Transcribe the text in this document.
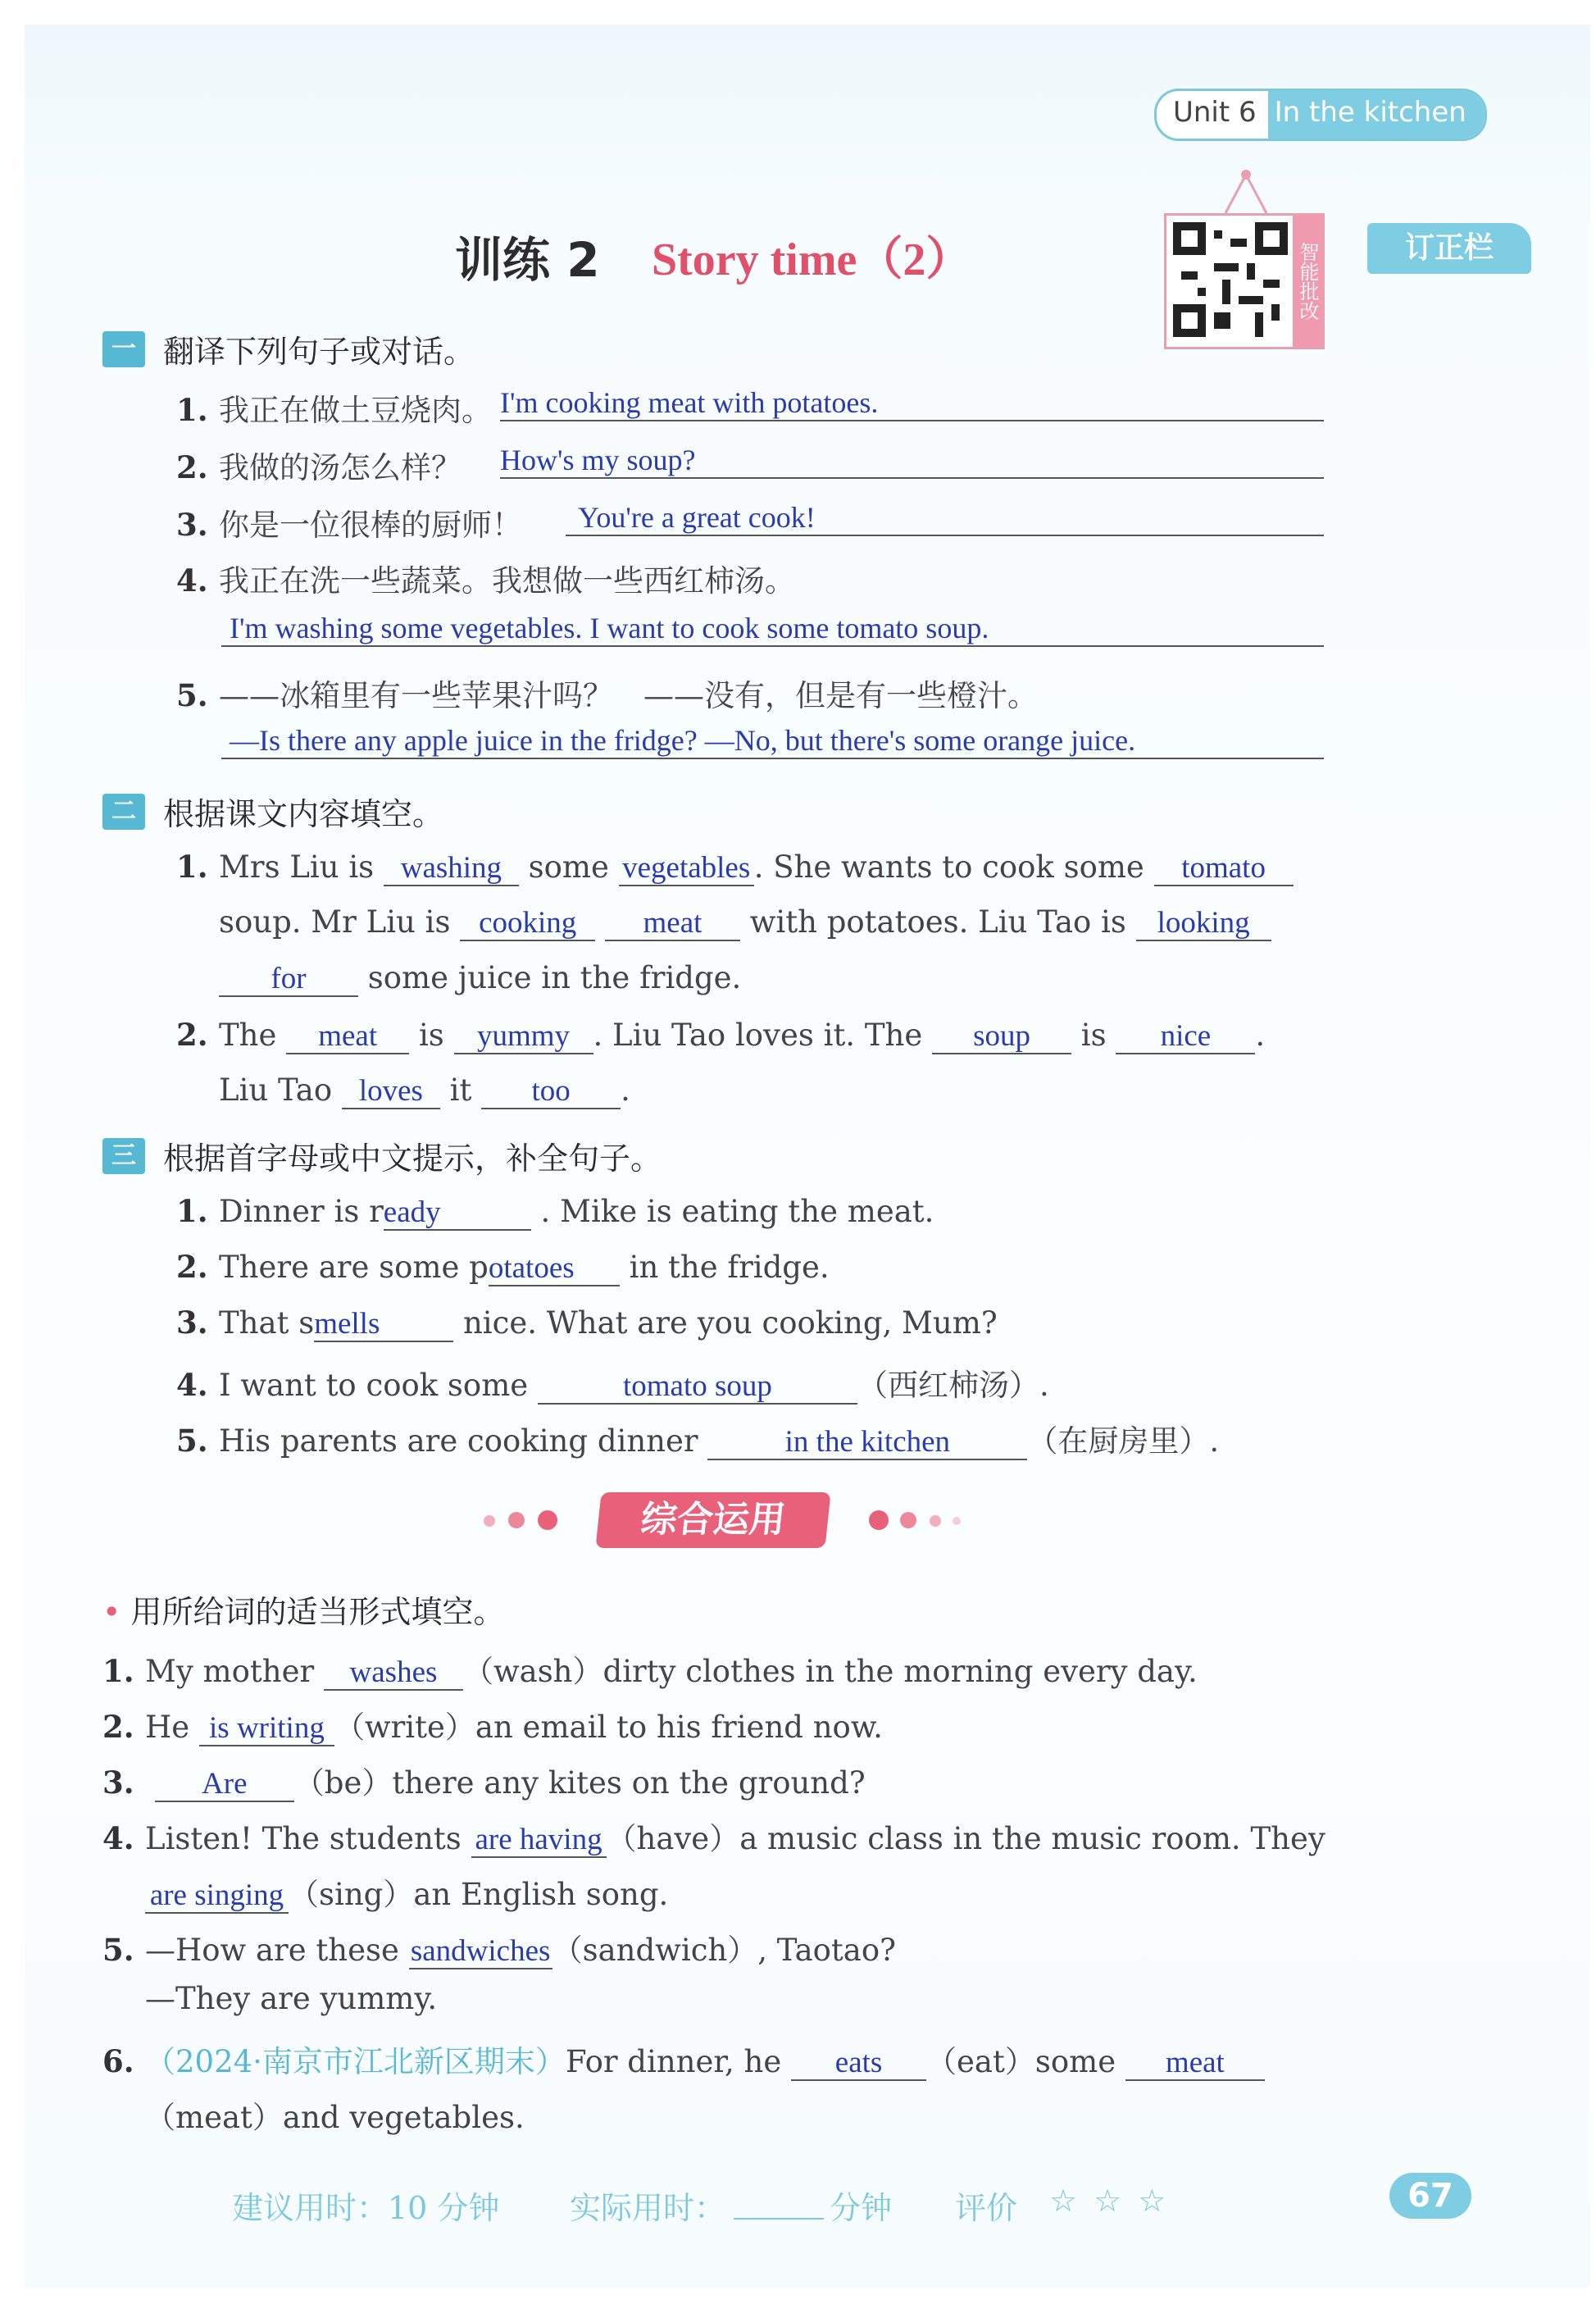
Unit 6 In the kitchen
训练 2 Story time（2）	智能批改	订正栏
一 翻译下列句子或对话。
1. 我正在做土豆烧肉。 I'm cooking meat with potatoes.
2. 我做的汤怎么样？ How's my soup?
3. 你是一位很棒的厨师！	You're a great cook!
4. 我正在洗一些蔬菜。我想做一些西红柿汤。
I'm washing some vegetables. I want to cook some tomato soup.
5. ——冰箱里有一些苹果汁吗？　——没有，但是有一些橙汁。
—Is there any apple juice in the fridge? —No, but there's some orange juice.
二 根据课文内容填空。
1. Mrs Liu is washing some vegetables . She wants to cook some tomato
soup. Mr Liu is cooking meat with potatoes. Liu Tao is looking
for some juice in the fridge.
2. The meat is yummy . Liu Tao loves it. The soup is nice .
Liu Tao loves it too .
三 根据首字母或中文提示，补全句子。
1. Dinner is ready	. Mike is eating the meat.
2. There are some potatoes in the fridge.
3. That smells	nice. What are you cooking, Mum?
4. I want to cook some	tomato soup	（西红柿汤）.
5. His parents are cooking dinner	in the kitchen	（在厨房里）.
综合运用
• 用所给词的适当形式填空。
1. My mother washes （wash）dirty clothes in the morning every day.
2. He is writing （write）an email to his friend now.
3. Are （be）there any kites on the ground?
4. Listen! The students are having （have）a music class in the music room. They
are singing （sing）an English song.
5. —How are these sandwiches（sandwich）, Taotao?
—They are yummy.
6. （2024·南京市江北新区期末）For dinner, he eats （eat）some meat
（meat）and vegetables.
建议用时：10 分钟 实际用时：	分钟 评价 ☆ ☆ ☆	67
